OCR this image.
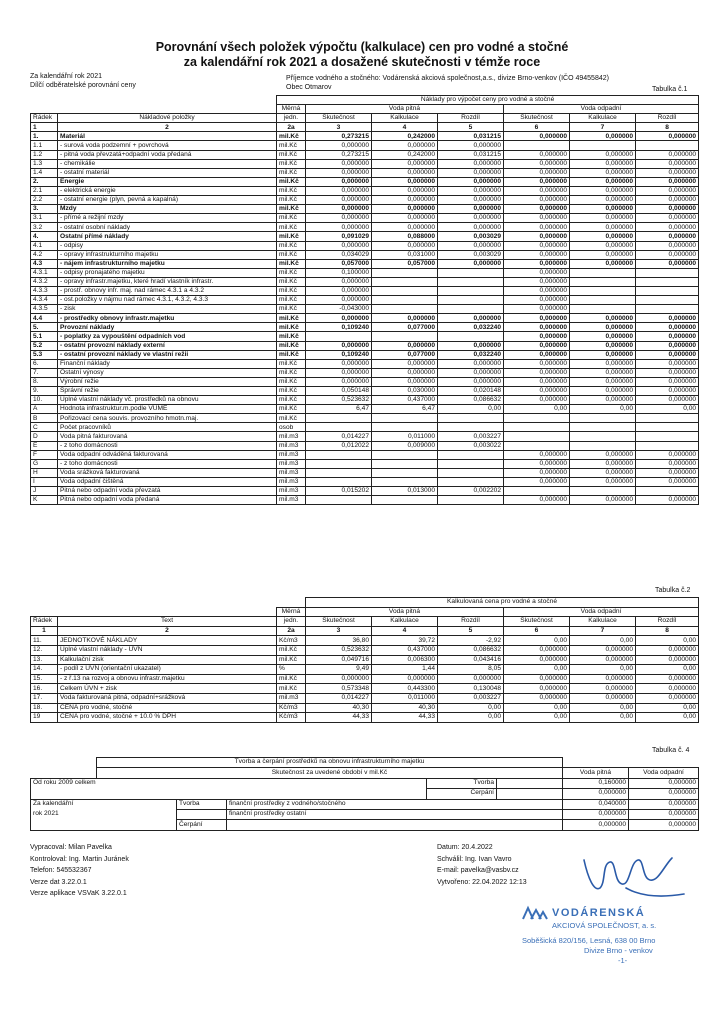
Porovnání všech položek výpočtu (kalkulace) cen pro vodné a stočné
za kalendářní rok 2021 a dosažené skutečnosti v témže roce
Za kalendářní rok 2021
Dílčí odběratelské porovnání ceny
Příjemce vodného a stočného: Vodárenská akciová společnost,a.s., divize Brno-venkov (IČO 49455842)
Obec Otmarov	Tabulka č.1
		Náklady pro výpočet ceny pro vodné a stočné						
		Měrná	Voda pitná			Voda odpadní		
Řádek	Nákladové položky	jedn.	Skutečnost	Kalkulace	Rozdíl	Skutečnost	Kalkulace	Rozdíl
1	2	2a	3	4	5	6	7	8
1.	Materiál	mil.Kč	0,273215	0,242000	0,031215	0,000000	0,000000	0,000000
1.1	- surová voda podzemní + povrchová	mil.Kč	0,000000	0,000000	0,000000			
1.2	- pitná voda převzatá+odpadní voda předaná	mil.Kč	0,273215	0,242000	0,031215	0,000000	0,000000	0,000000
1.3	- chemikálie	mil.Kč	0,000000	0,000000	0,000000	0,000000	0,000000	0,000000
1.4	- ostatní materiál	mil.Kč	0,000000	0,000000	0,000000	0,000000	0,000000	0,000000
2.	Energie	mil.Kč	0,000000	0,000000	0,000000	0,000000	0,000000	0,000000
2.1	- elektrická energie	mil.Kč	0,000000	0,000000	0,000000	0,000000	0,000000	0,000000
2.2	- ostatní energie (plyn, pevná a kapalná)	mil.Kč	0,000000	0,000000	0,000000	0,000000	0,000000	0,000000
3.	Mzdy	mil.Kč	0,000000	0,000000	0,000000	0,000000	0,000000	0,000000
3.1	- přímé a režijní mzdy	mil.Kč	0,000000	0,000000	0,000000	0,000000	0,000000	0,000000
3.2	- ostatní osobní náklady	mil.Kč	0,000000	0,000000	0,000000	0,000000	0,000000	0,000000
4.	Ostatní přímé náklady	mil.Kč	0,091029	0,088000	0,003029	0,000000	0,000000	0,000000
4.1	- odpisy	mil.Kč	0,000000	0,000000	0,000000	0,000000	0,000000	0,000000
4.2	- opravy infrastrukturního majetku	mil.Kč	0,034029	0,031000	0,003029	0,000000	0,000000	0,000000
4.3	- nájem infrastrukturního majetku	mil.Kč	0,057000	0,057000	0,000000	0,000000	0,000000	0,000000
4.3.1	- odpisy pronajatého majetku	mil.Kč	0,100000			0,000000		
4.3.2	- opravy infrastr.majetku, které hradí vlastník infrastr.	mil.Kč	0,000000			0,000000		
4.3.3	- prostř. obnovy infr. maj. nad rámec 4.3.1 a 4.3.2	mil.Kč	0,000000			0,000000		
4.3.4	- ost.položky v nájmu nad rámec 4.3.1, 4.3.2, 4.3.3	mil.Kč	0,000000			0,000000		
4.3.5	- zisk	mil.Kč	-0,043000			0,000000		
4.4	- prostředky obnovy infrastr.majetku	mil.Kč	0,000000	0,000000	0,000000	0,000000	0,000000	0,000000
5.	Provozní náklady	mil.Kč	0,109240	0,077000	0,032240	0,000000	0,000000	0,000000
5.1	- poplatky za vypouštění odpadních vod	mil.Kč				0,000000	0,000000	0,000000
5.2	- ostatní provozní náklady externí	mil.Kč	0,000000	0,000000	0,000000	0,000000	0,000000	0,000000
5.3	- ostatní provozní náklady ve vlastní režii	mil.Kč	0,109240	0,077000	0,032240	0,000000	0,000000	0,000000
6.	Finanční náklady	mil.Kč	0,000000	0,000000	0,000000	0,000000	0,000000	0,000000
7.	Ostatní výnosy	mil.Kč	0,000000	0,000000	0,000000	0,000000	0,000000	0,000000
8.	Výrobní režie	mil.Kč	0,000000	0,000000	0,000000	0,000000	0,000000	0,000000
9.	Správní režie	mil.Kč	0,050148	0,030000	0,020148	0,000000	0,000000	0,000000
10.	Úplné vlastní náklady vč. prostředků na obnovu	mil.Kč	0,523632	0,437000	0,086632	0,000000	0,000000	0,000000
A	Hodnota infrastruktur.m.podle VÚME	mil.Kč	6,47	6,47	0,00	0,00	0,00	0,00
B	Pořizovací cena souvis. provozního hmotn.maj.	mil.Kč						
C	Počet pracovníků	osob						
D	Voda pitná fakturovaná	mil.m3	0,014227	0,011000	0,003227			
E	- z toho domácnosti	mil.m3	0,012022	0,009000	0,003022			
F	Voda odpadní odváděná fakturovaná	mil.m3				0,000000	0,000000	0,000000
G	- z toho domácnosti	mil.m3				0,000000	0,000000	0,000000
H	Voda srážková fakturovaná	mil.m3				0,000000	0,000000	0,000000
I	Voda odpadní čištěná	mil.m3				0,000000	0,000000	0,000000
J	Pitná nebo odpadní voda převzatá	mil.m3	0,015202	0,013000	0,002202			
K	Pitná nebo odpadní voda předaná	mil.m3				0,000000	0,000000	0,000000
Tabulka č.2
			Kalkulovaná cena pro vodné a stočné					
		Měrná	Voda pitná			Voda odpadní		
Řádek	Text	jedn.	Skutečnost	Kalkulace	Rozdíl	Skutečnost	Kalkulace	Rozdíl
1	2	2a	3	4	5	6	7	8
11.	JEDNOTKOVÉ NÁKLADY	Kč/m3	36,80	39,72	-2,92	0,00	0,00	0,00
12.	Úplné vlastní náklady - ÚVN	mil.Kč	0,523632	0,437000	0,086632	0,000000	0,000000	0,000000
13.	Kalkulační zisk	mil.Kč	0,049716	0,006300	0,043416	0,000000	0,000000	0,000000
14.	- podíl z ÚVN (orientační ukazatel)	%	9,49	1,44	8,05	0,00	0,00	0,00
15.	- z ř.13 na rozvoj a obnovu infrastr.majetku	mil.Kč	0,000000	0,000000	0,000000	0,000000	0,000000	0,000000
16.	Celkem ÚVN + zisk	mil.Kč	0,573348	0,443300	0,130048	0,000000	0,000000	0,000000
17.	Voda fakturovaná pitná, odpadní+srážková	mil.m3	0,014227	0,011000	0,003227	0,000000	0,000000	0,000000
18.	CENA pro vodné, stočné	Kč/m3	40,30	40,30	0,00	0,00	0,00	0,00
19	CENA pro vodné, stočné + 10.0 % DPH	Kč/m3	44,33	44,33	0,00	0,00	0,00	0,00
Tabulka č. 4
	Tvorba a čerpání prostředků na obnovu infrastrukturního majetku						
	Skutečnost za uvedené období v mil.Kč					Voda pitná	Voda odpadní
Od roku 2009 celkem				Tvorba		0,160000	0,000000
				Čerpání		0,000000	0,000000
Za kalendářní		Tvorba	finanční prostředky z vodného/stočného			0,040000	0,000000
rok 2021			finanční prostředky ostatní			0,000000	0,000000
		Čerpání				0,000000	0,000000
Vypracoval: Milan Pavelka
Kontroloval: Ing. Martin Juránek
Telefon: 545532367
Verze dat 3.22.0.1
Verze aplikace VSVaK 3.22.0.1
Datum: 20.4.2022
Schválil: Ing. Ivan Vavro
E-mail: pavelka@vasbv.cz
Vytvořeno: 22.04.2022 12:13
VODÁRENSKÁ
AKCIOVÁ SPOLEČNOST, a. s.
Soběšická 820/156, Lesná, 638 00 Brno
Divize Brno - venkov
-1-
